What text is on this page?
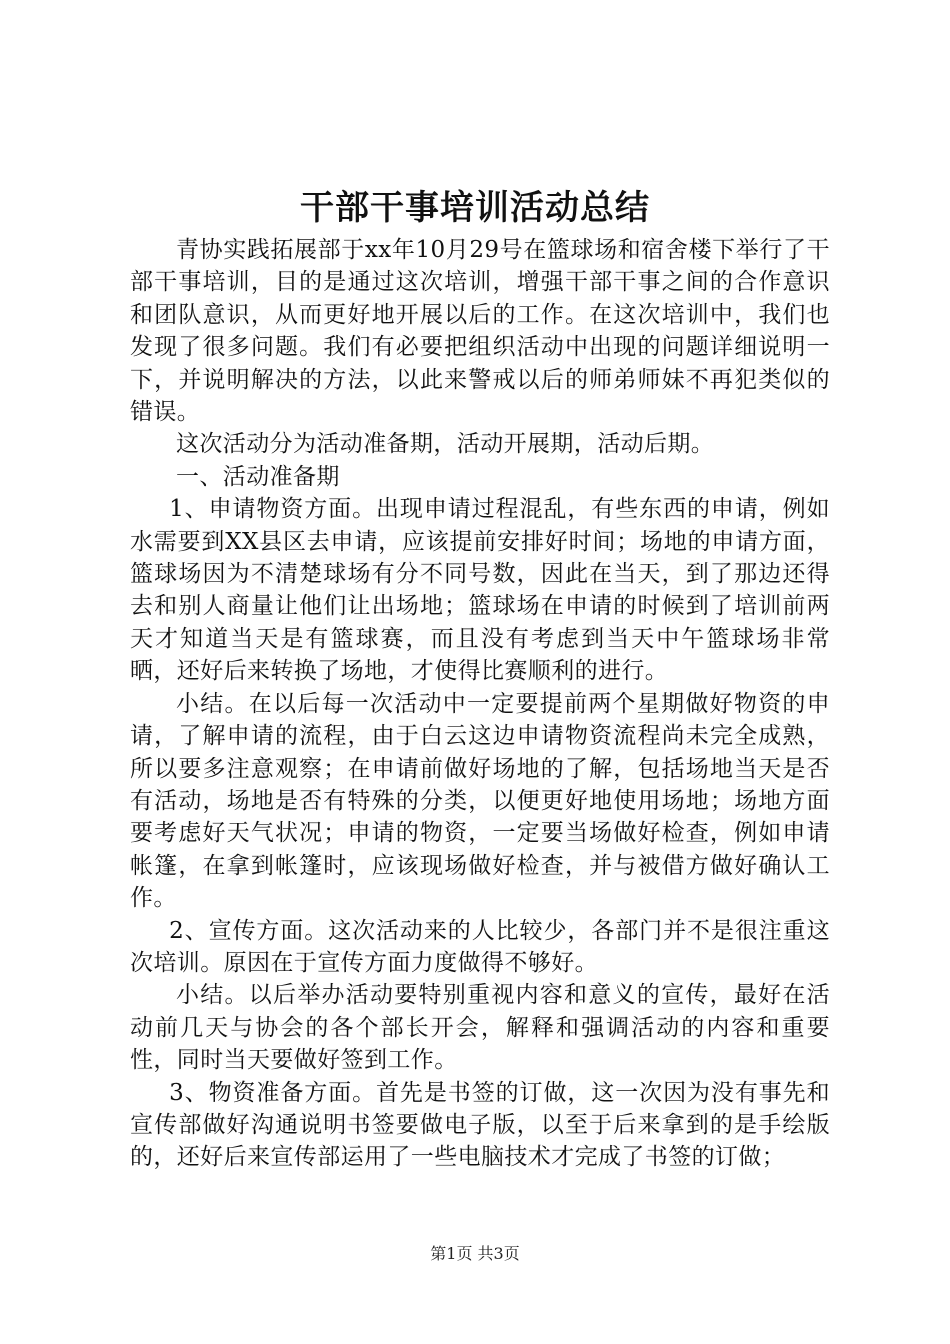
干部干事培训活动总结

青协实践拓展部于xx年10月29号在篮球场和宿舍楼下举行了干部干事培训，目的是通过这次培训，增强干部干事之间的合作意识和团队意识，从而更好地开展以后的工作。在这次培训中，我们也发现了很多问题。我们有必要把组织活动中出现的问题详细说明一下，并说明解决的方法，以此来警戒以后的师弟师妹不再犯类似的错误。

这次活动分为活动准备期，活动开展期，活动后期。

一、活动准备期

1、申请物资方面。出现申请过程混乱，有些东西的申请，例如水需要到XX县区去申请，应该提前安排好时间；场地的申请方面，篮球场因为不清楚球场有分不同号数，因此在当天，到了那边还得去和别人商量让他们让出场地；篮球场在申请的时候到了培训前两天才知道当天是有篮球赛，而且没有考虑到当天中午篮球场非常晒，还好后来转换了场地，才使得比赛顺利的进行。

小结。在以后每一次活动中一定要提前两个星期做好物资的申请，了解申请的流程，由于白云这边申请物资流程尚未完全成熟，所以要多注意观察；在申请前做好场地的了解，包括场地当天是否有活动，场地是否有特殊的分类，以便更好地使用场地；场地方面要考虑好天气状况；申请的物资，一定要当场做好检查，例如申请帐篷，在拿到帐篷时，应该现场做好检查，并与被借方做好确认工作。

2、宣传方面。这次活动来的人比较少，各部门并不是很注重这次培训。原因在于宣传方面力度做得不够好。

小结。以后举办活动要特别重视内容和意义的宣传，最好在活动前几天与协会的各个部长开会，解释和强调活动的内容和重要性，同时当天要做好签到工作。

3、物资准备方面。首先是书签的订做，这一次因为没有事先和宣传部做好沟通说明书签要做电子版，以至于后来拿到的是手绘版的，还好后来宣传部运用了一些电脑技术才完成了书签的订做；

第1页 共3页
